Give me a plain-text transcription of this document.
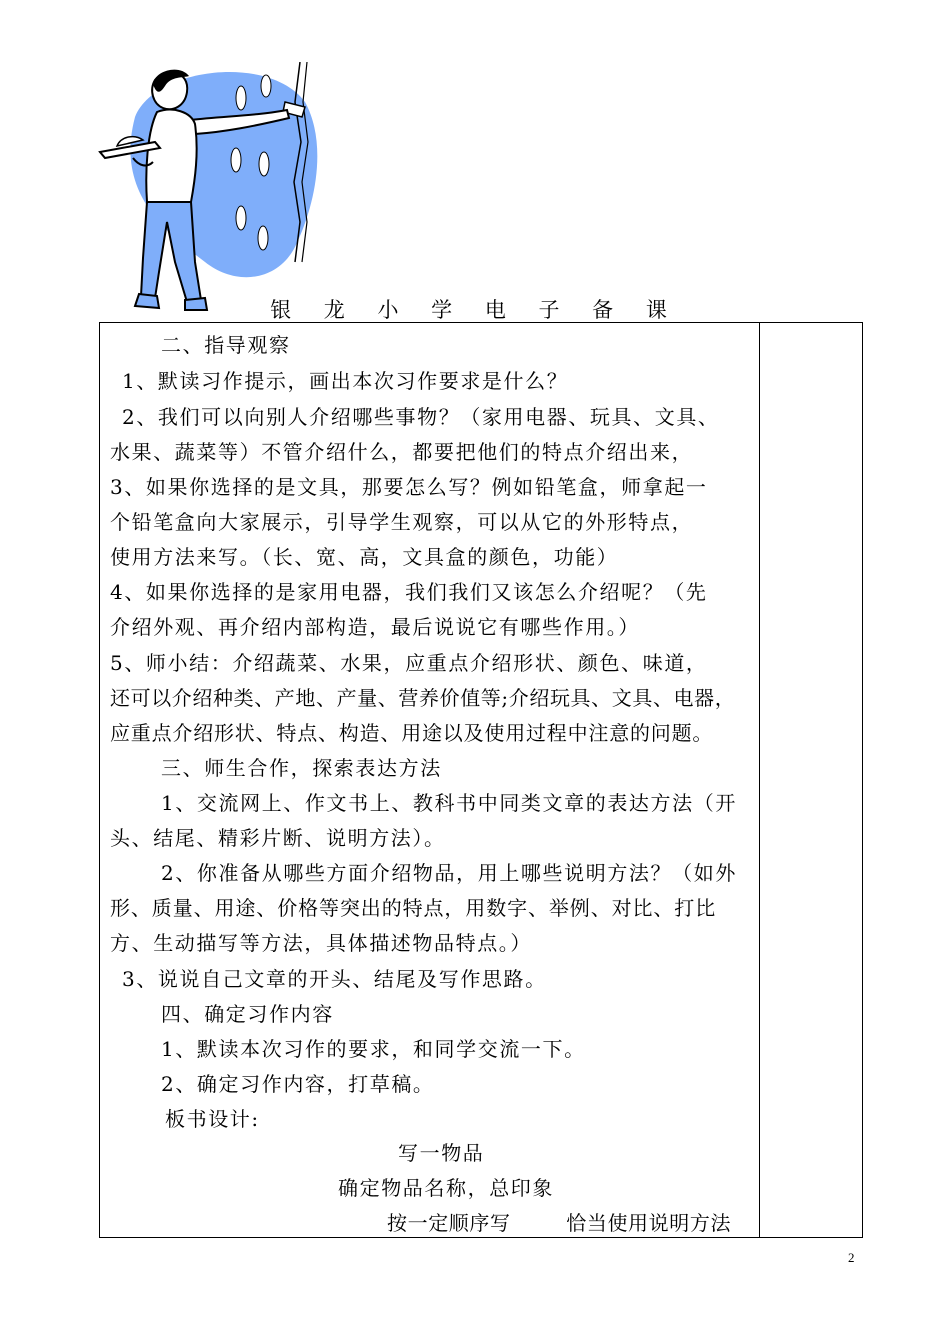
银 龙 小 学 电 子 备 课
二、指导观察
1、默读习作提示，画出本次习作要求是什么？
2、我们可以向别人介绍哪些事物？（家用电器、玩具、文具、
水果、蔬菜等）不管介绍什么，都要把他们的特点介绍出来，
3、如果你选择的是文具，那要怎么写？例如铅笔盒，师拿起一
个铅笔盒向大家展示，引导学生观察，可以从它的外形特点，
使用方法来写。（长、宽、高，文具盒的颜色，功能）
4、如果你选择的是家用电器，我们我们又该怎么介绍呢？（先
介绍外观、再介绍内部构造，最后说说它有哪些作用。）
5、师小结：介绍蔬菜、水果，应重点介绍形状、颜色、味道，
还可以介绍种类、产地、产量、营养价值等;介绍玩具、文具、电器，
应重点介绍形状、特点、构造、用途以及使用过程中注意的问题。
三、师生合作，探索表达方法
1、交流网上、作文书上、教科书中同类文章的表达方法（开
头、结尾、精彩片断、说明方法）。
2、你准备从哪些方面介绍物品，用上哪些说明方法？（如外
形、质量、用途、价格等突出的特点，用数字、举例、对比、打比
方、生动描写等方法，具体描述物品特点。）
3、说说自己文章的开头、结尾及写作思路。
四、确定习作内容
1、默读本次习作的要求，和同学交流一下。
2、确定习作内容，打草稿。
板书设计:
写一物品
确定物品名称，总印象
按一定顺序写        恰当使用说明方法
2
